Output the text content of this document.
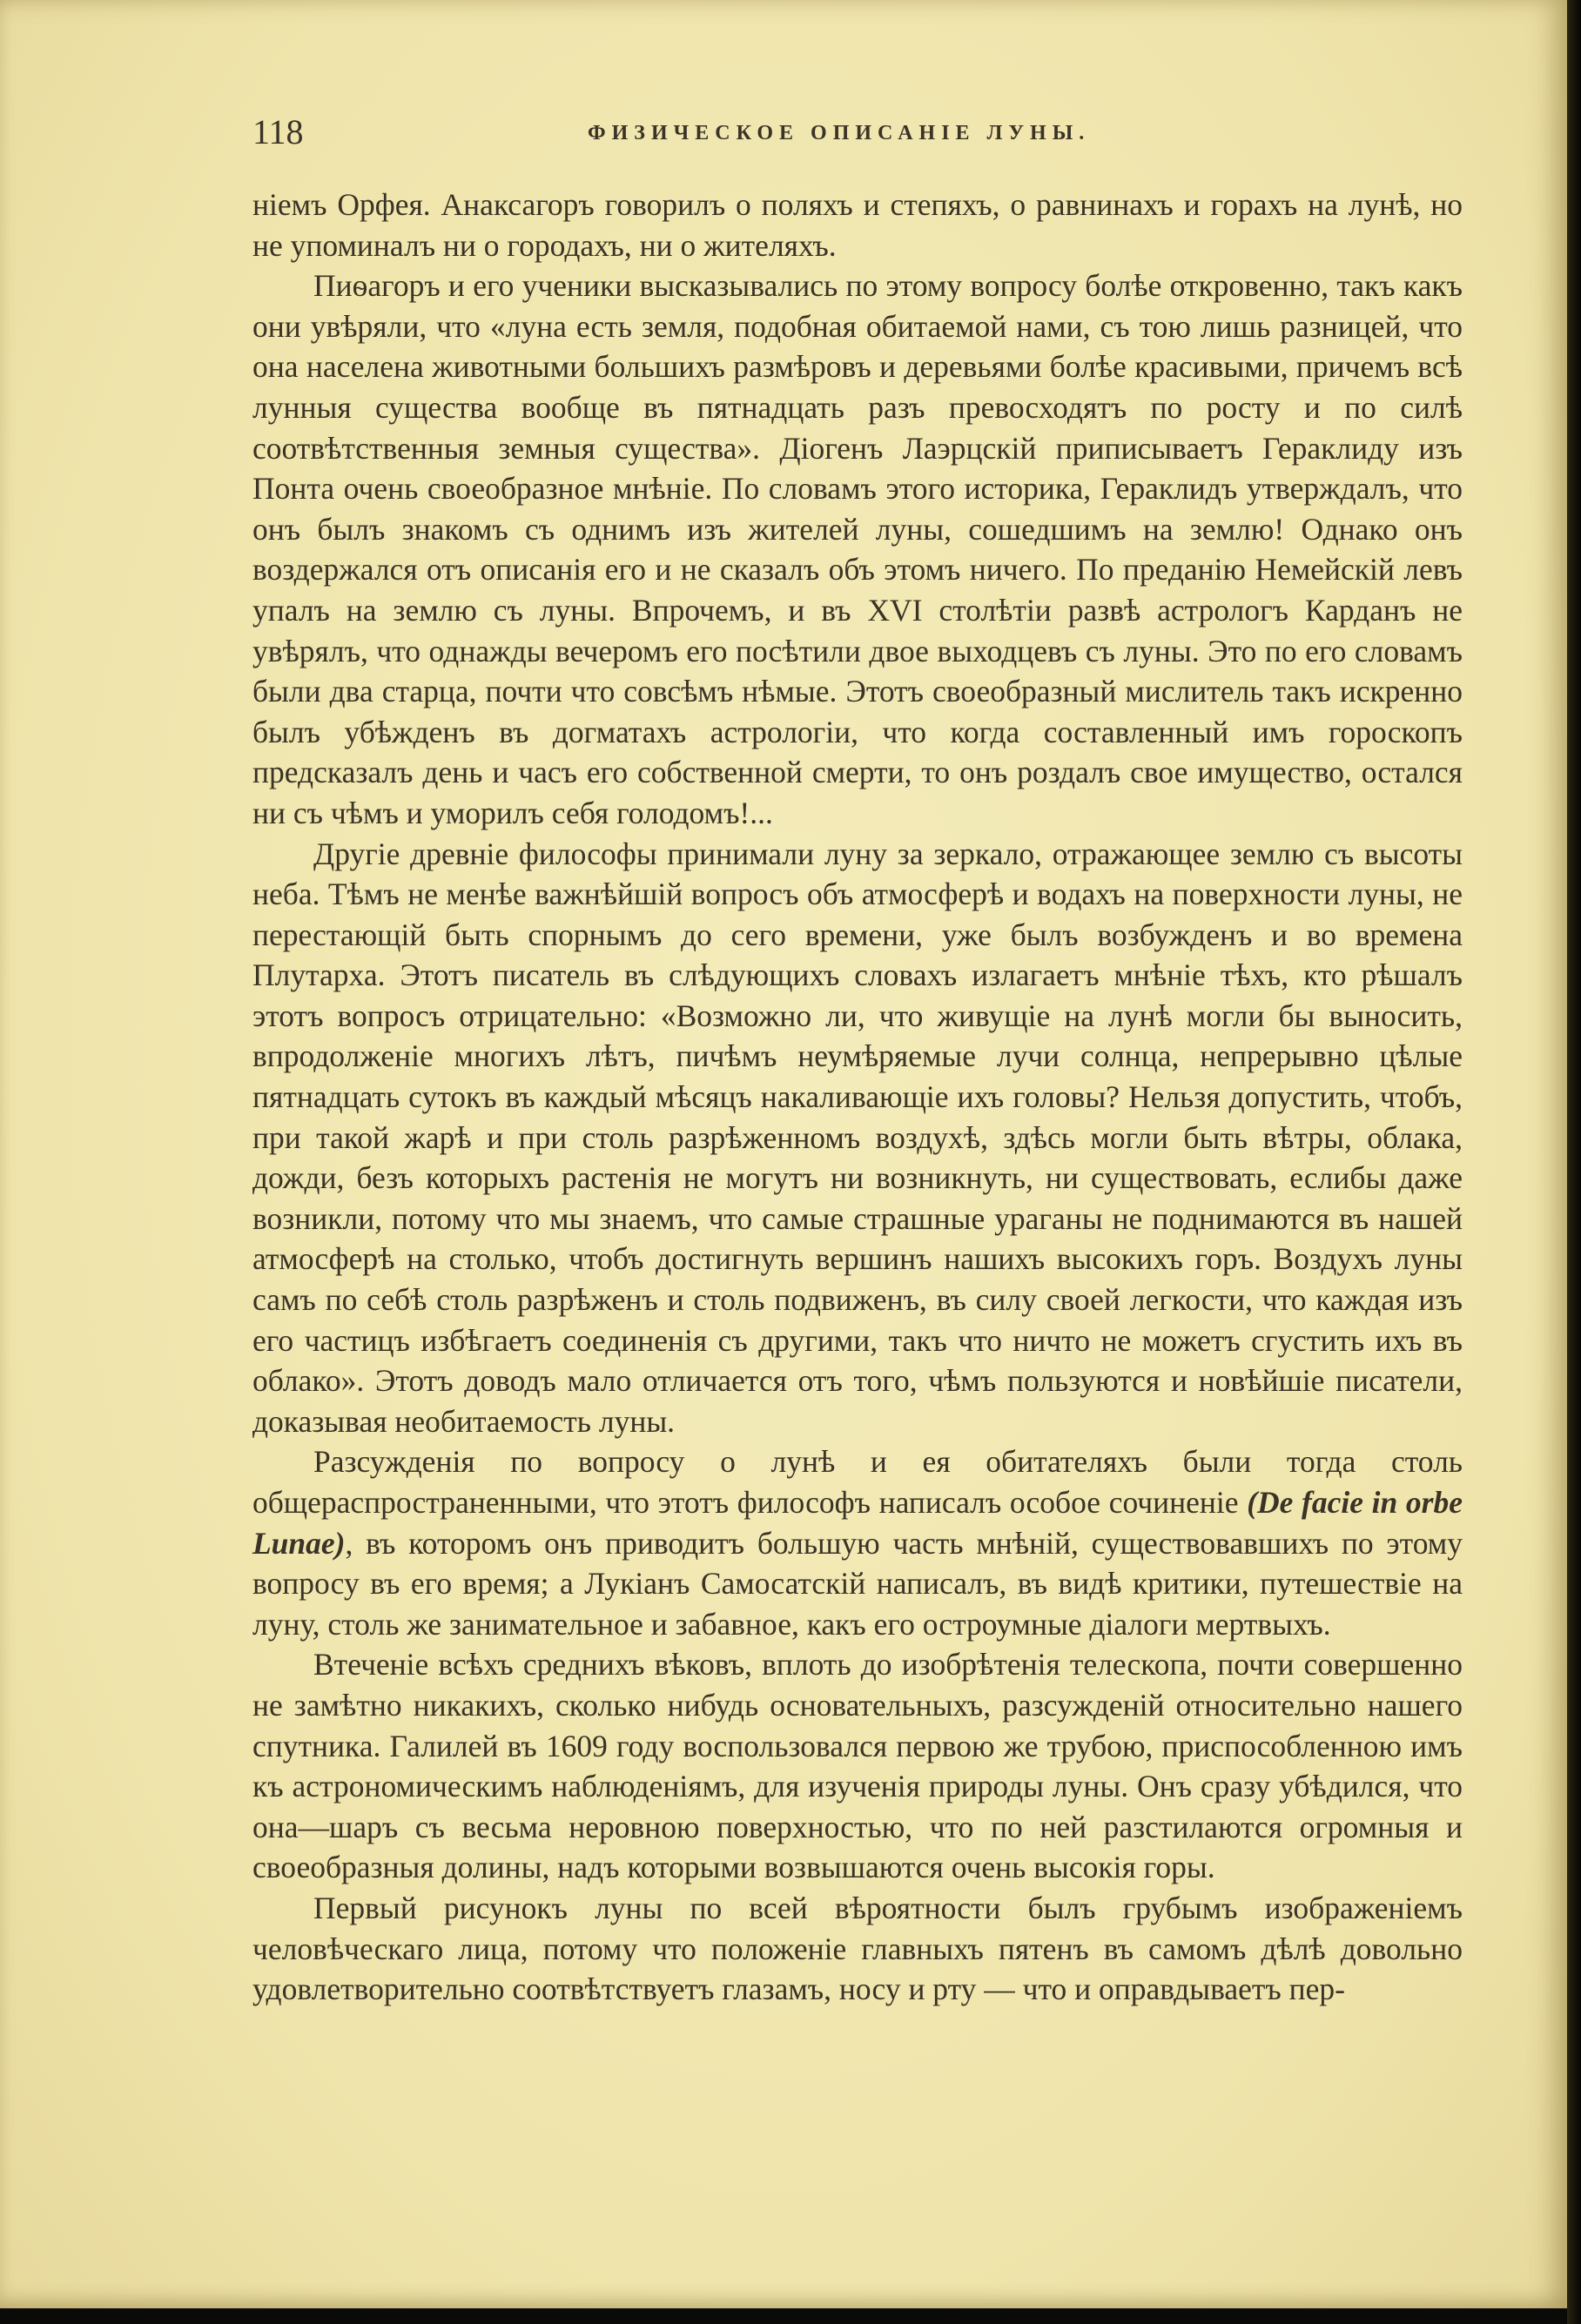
118	ФИЗИЧЕСКОЕ ОПИСАНІЕ ЛУНЫ.

ніемъ Орфея. Анаксагоръ говорилъ о поляхъ и степяхъ, о равнинахъ и горахъ на лунѣ, но не упоминалъ ни о городахъ, ни о жителяхъ.

Пиѳагоръ и его ученики высказывались по этому вопросу болѣе откровенно, такъ какъ они увѣряли, что «луна есть земля, подобная обитаемой нами, съ тою лишь разницей, что она населена животными большихъ размѣровъ и деревьями болѣе красивыми, причемъ всѣ лунныя существа вообще въ пятнадцать разъ превосходятъ по росту и по силѣ соотвѣтственныя земныя существа». Діогенъ Лаэрцскій приписываетъ Гераклиду изъ Понта очень своеобразное мнѣніе. По словамъ этого историка, Гераклидъ утверждалъ, что онъ былъ знакомъ съ однимъ изъ жителей луны, сошедшимъ на землю! Однако онъ воздержался отъ описанія его и не сказалъ объ этомъ ничего. По преданію Немейскій левъ упалъ на землю съ луны. Впрочемъ, и въ XVI столѣтіи развѣ астрологъ Карданъ не увѣрялъ, что однажды вечеромъ его посѣтили двое выходцевъ съ луны. Это по его словамъ были два старца, почти что совсѣмъ нѣмые. Этотъ своеобразный мислитель такъ искренно былъ убѣжденъ въ догматахъ астрологіи, что когда составленный имъ гороскопъ предсказалъ день и часъ его собственной смерти, то онъ роздалъ свое имущество, остался ни съ чѣмъ и уморилъ себя голодомъ!...

Другіе древніе философы принимали луну за зеркало, отражающее землю съ высоты неба. Тѣмъ не менѣе важнѣйшій вопросъ объ атмосферѣ и водахъ на поверхности луны, не перестающій быть спорнымъ до сего времени, уже былъ возбужденъ и во времена Плутарха. Этотъ писатель въ слѣдующихъ словахъ излагаетъ мнѣніе тѣхъ, кто рѣшалъ этотъ вопросъ отрицательно: «Возможно ли, что живущіе на лунѣ могли бы выносить, впродолженіе многихъ лѣтъ, пичѣмъ неумѣряемые лучи солнца, непрерывно цѣлые пятнадцать сутокъ въ каждый мѣсяцъ накаливающіе ихъ головы? Нельзя допустить, чтобъ, при такой жарѣ и при столь разрѣженномъ воздухѣ, здѣсь могли быть вѣтры, облака, дожди, безъ которыхъ растенія не могутъ ни возникнуть, ни существовать, еслибы даже возникли, потому что мы знаемъ, что самые страшные ураганы не поднимаются въ нашей атмосферѣ на столько, чтобъ достигнуть вершинъ нашихъ высокихъ горъ. Воздухъ луны самъ по себѣ столь разрѣженъ и столь подвиженъ, въ силу своей легкости, что каждая изъ его частицъ избѣгаетъ соединенія съ другими, такъ что ничто не можетъ сгустить ихъ въ облако». Этотъ доводъ мало отличается отъ того, чѣмъ пользуются и новѣйшіе писатели, доказывая необитаемость луны.

Разсужденія по вопросу о лунѣ и ея обитателяхъ были тогда столь общераспространенными, что этотъ философъ написалъ особое сочиненіе (De facie in orbe Lunae), въ которомъ онъ приводитъ большую часть мнѣній, существовавшихъ по этому вопросу въ его время; а Лукіанъ Самосатскій написалъ, въ видѣ критики, путешествіе на луну, столь же занимательное и забавное, какъ его остроумные діалоги мертвыхъ.

Втеченіе всѣхъ среднихъ вѣковъ, вплоть до изобрѣтенія телескопа, почти совершенно не замѣтно никакихъ, сколько нибудь основательныхъ, разсужденій относительно нашего спутника. Галилей въ 1609 году воспользовался первою же трубою, приспособленною имъ къ астрономическимъ наблюденіямъ, для изученія природы луны. Онъ сразу убѣдился, что она—шаръ съ весьма неровною поверхностью, что по ней разстилаются огромныя и своеобразныя долины, надъ которыми возвышаются очень высокія горы.

Первый рисунокъ луны по всей вѣроятности былъ грубымъ изображеніемъ человѣческаго лица, потому что положеніе главныхъ пятенъ въ самомъ дѣлѣ довольно удовлетворительно соотвѣтствуетъ глазамъ, носу и рту — что и оправдываетъ пер-
